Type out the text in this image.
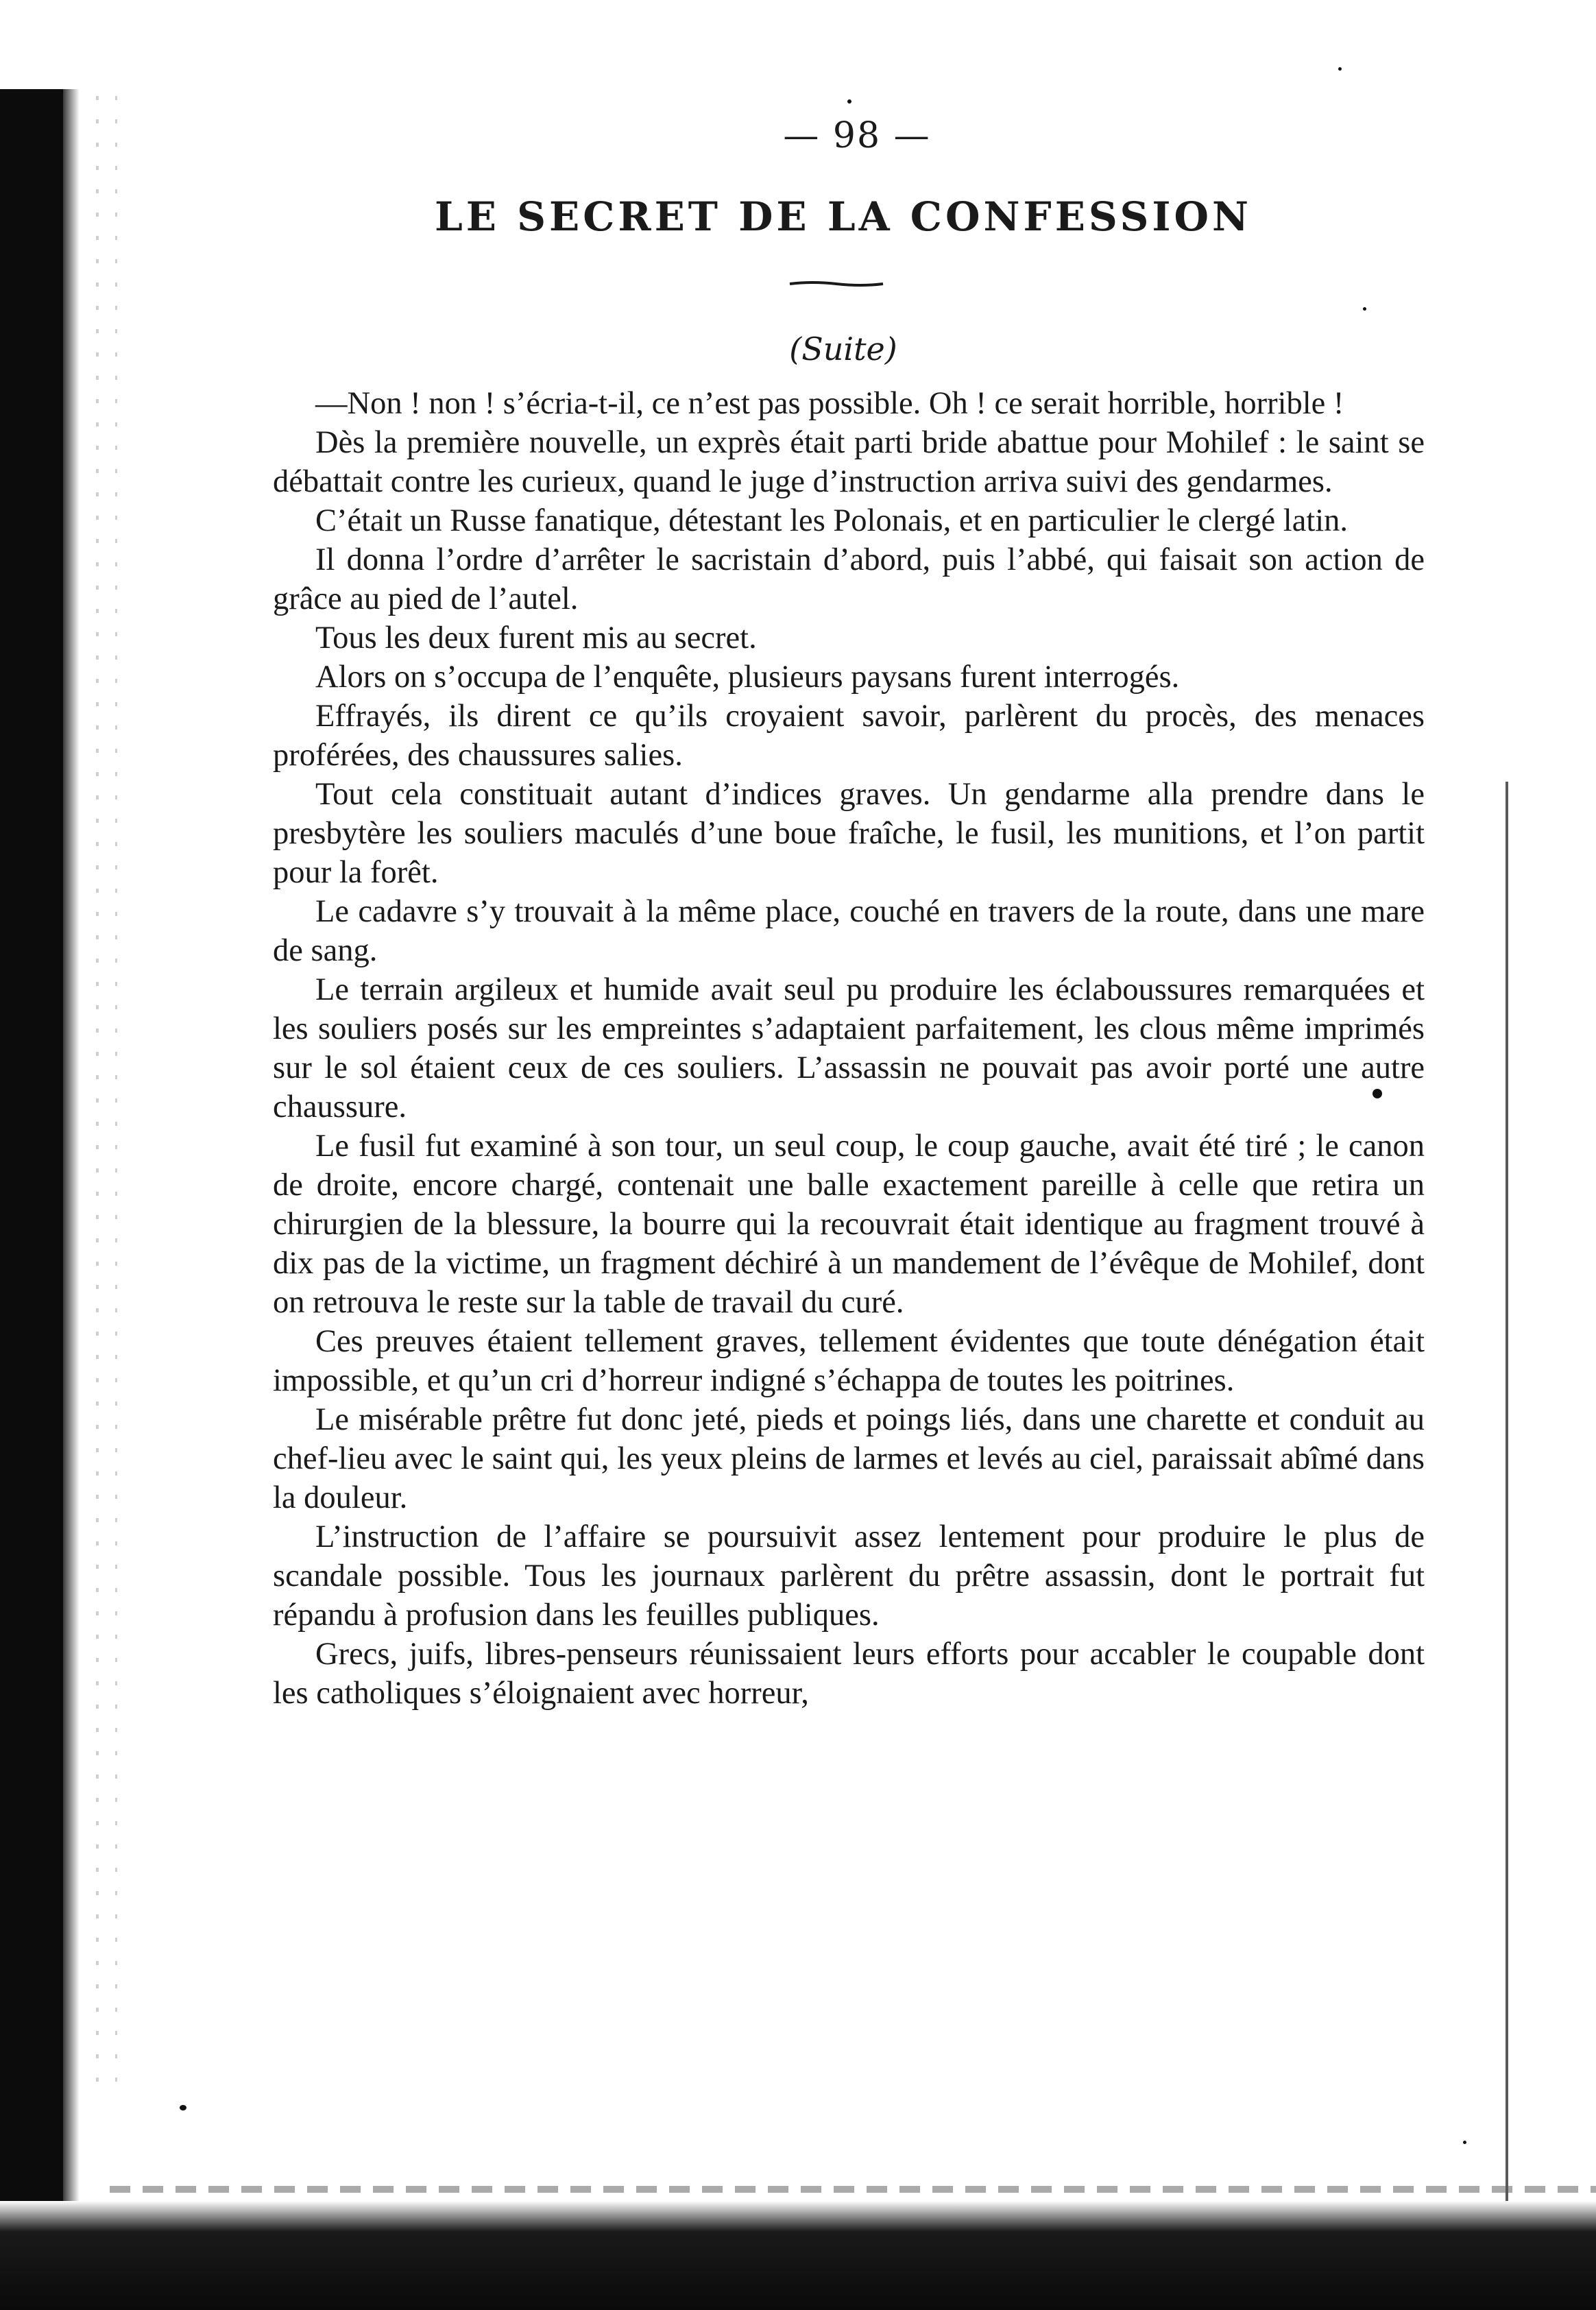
— 98 —
LE SECRET DE LA CONFESSION
(Suite)

—Non ! non ! s’écria-t-il, ce n’est pas possible. Oh ! ce serait horrible, horrible !

Dès la première nouvelle, un exprès était parti bride abattue pour Mohilef : le saint se débattait contre les curieux, quand le juge d’instruction arriva suivi des gendarmes.

C’était un Russe fanatique, détestant les Polonais, et en particulier le clergé latin.

Il donna l’ordre d’arrêter le sacristain d’abord, puis l’abbé, qui faisait son action de grâce au pied de l’autel.

Tous les deux furent mis au secret.

Alors on s’occupa de l’enquête, plusieurs paysans furent interrogés.

Effrayés, ils dirent ce qu’ils croyaient savoir, parlèrent du procès, des menaces proférées, des chaussures salies.

Tout cela constituait autant d’indices graves. Un gendarme alla prendre dans le presbytère les souliers maculés d’une boue fraîche, le fusil, les munitions, et l’on partit pour la forêt.

Le cadavre s’y trouvait à la même place, couché en travers de la route, dans une mare de sang.

Le terrain argileux et humide avait seul pu produire les éclaboussures remarquées et les souliers posés sur les empreintes s’adaptaient parfaitement, les clous même imprimés sur le sol étaient ceux de ces souliers. L’assassin ne pouvait pas avoir porté une autre chaussure.

Le fusil fut examiné à son tour, un seul coup, le coup gauche, avait été tiré ; le canon de droite, encore chargé, contenait une balle exactement pareille à celle que retira un chirurgien de la blessure, la bourre qui la recouvrait était identique au fragment trouvé à dix pas de la victime, un fragment déchiré à un mandement de l’évêque de Mohilef, dont on retrouva le reste sur la table de travail du curé.

Ces preuves étaient tellement graves, tellement évidentes que toute dénégation était impossible, et qu’un cri d’horreur indigné s’échappa de toutes les poitrines.

Le misérable prêtre fut donc jeté, pieds et poings liés, dans une charette et conduit au chef-lieu avec le saint qui, les yeux pleins de larmes et levés au ciel, paraissait abîmé dans la douleur.

L’instruction de l’affaire se poursuivit assez lentement pour produire le plus de scandale possible. Tous les journaux parlèrent du prêtre assassin, dont le portrait fut répandu à profusion dans les feuilles publiques.

Grecs, juifs, libres-penseurs réunissaient leurs efforts pour accabler le coupable dont les catholiques s’éloignaient avec horreur,
